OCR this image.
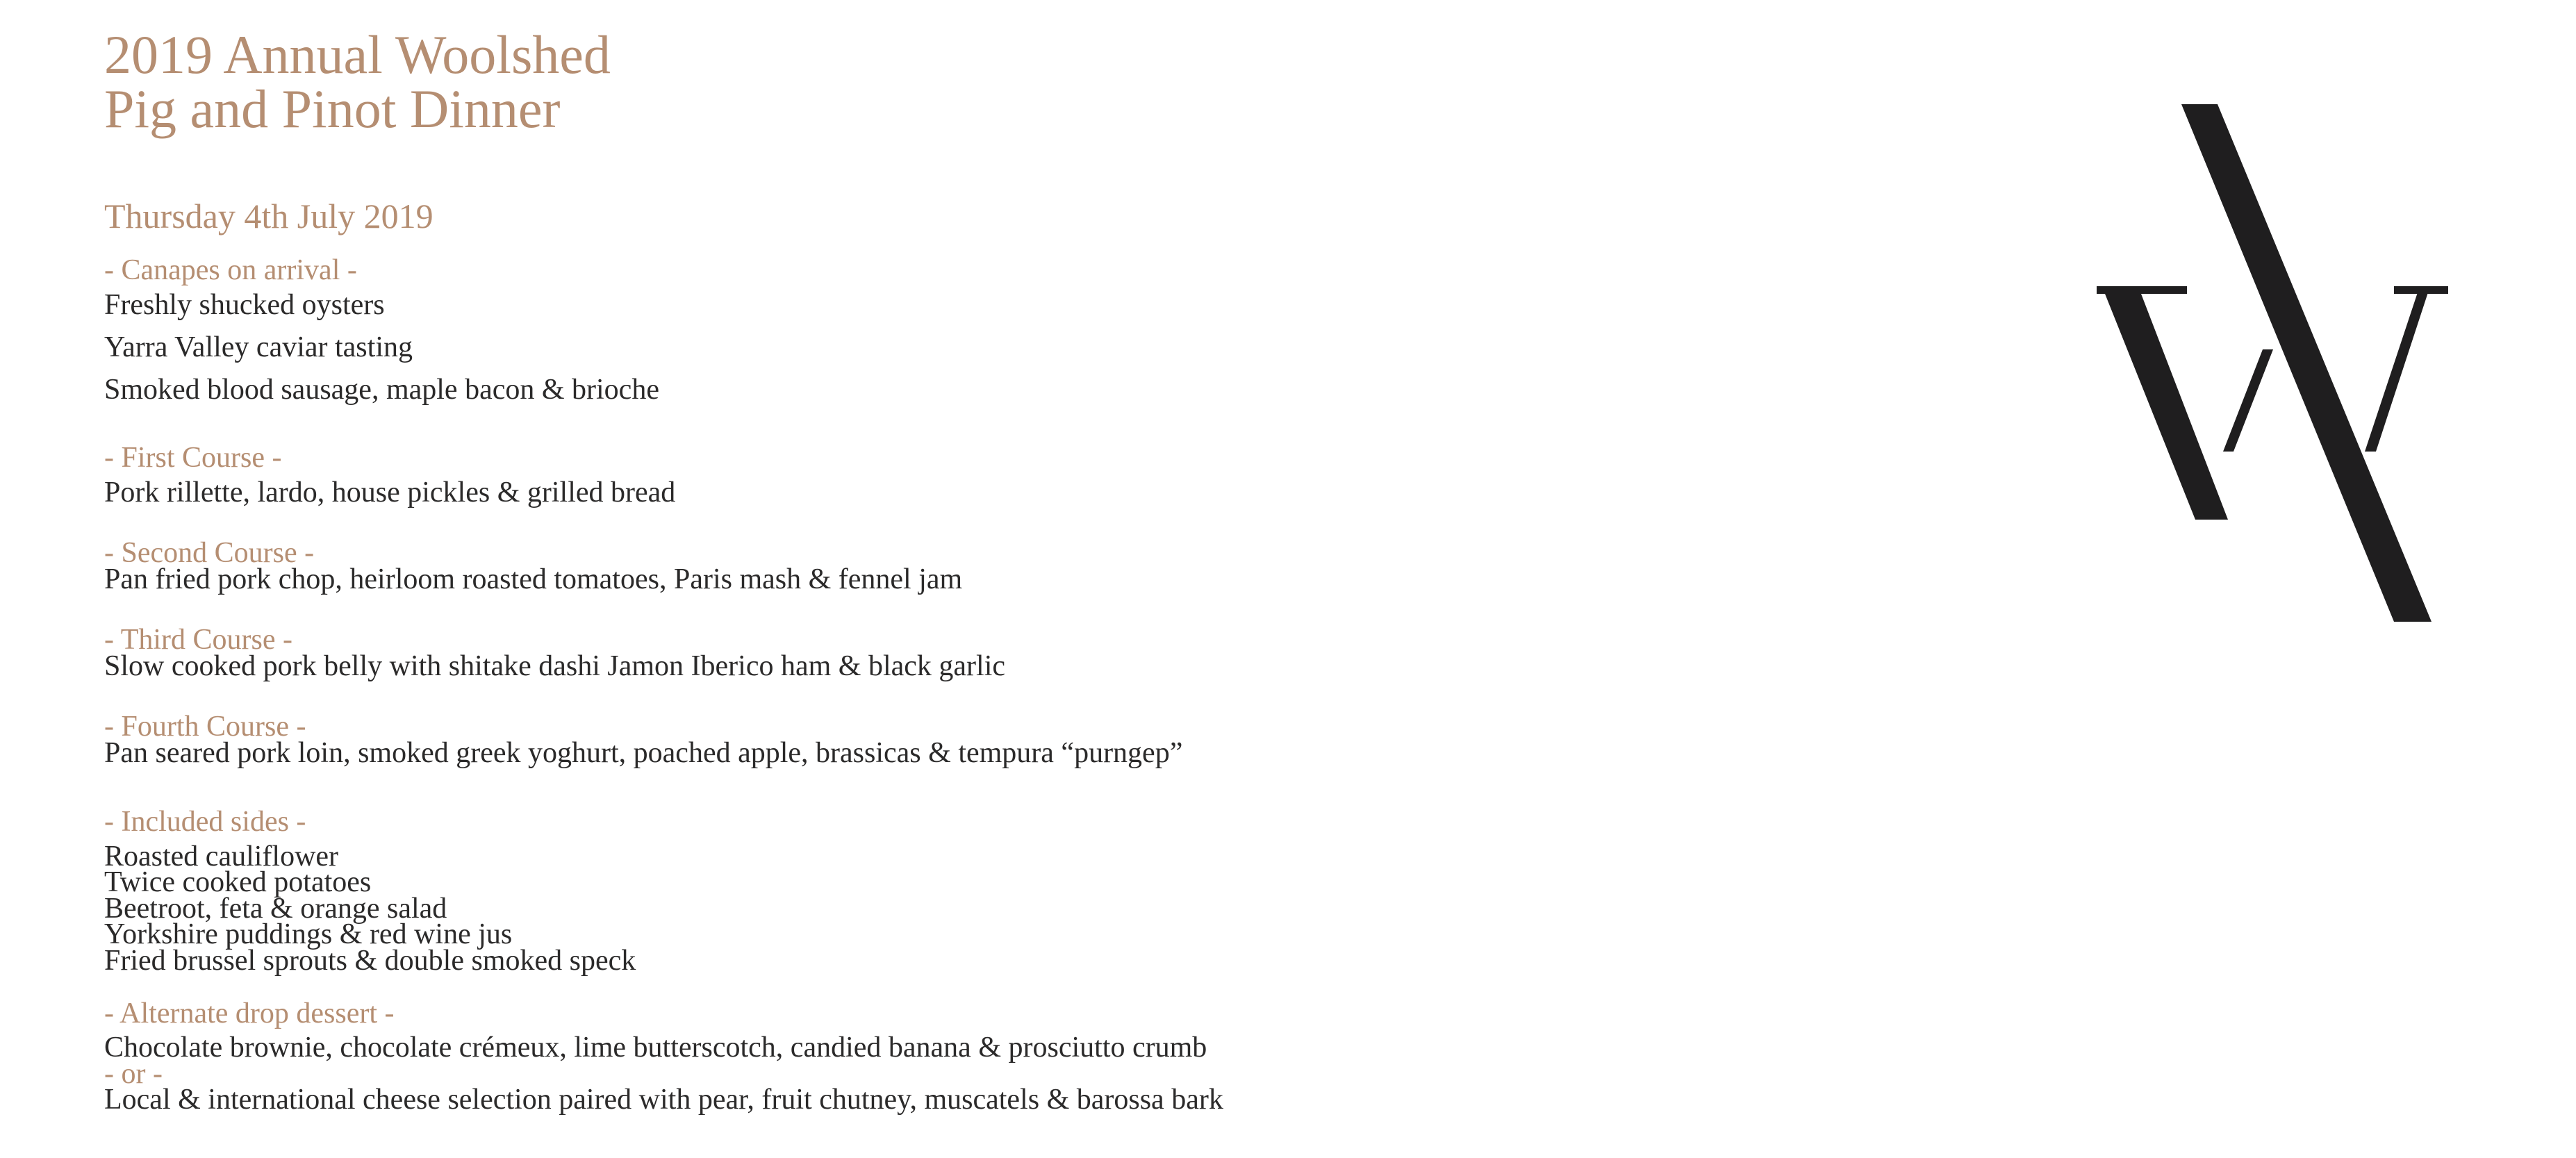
2019 Annual Woolshed
Pig and Pinot Dinner
Thursday 4th July 2019
- Canapes on arrival -
Freshly shucked oysters
Yarra Valley caviar tasting
Smoked blood sausage, maple bacon & brioche
- First Course -
Pork rillette, lardo, house pickles & grilled bread
- Second Course -
Pan fried pork chop, heirloom roasted tomatoes, Paris mash & fennel jam
- Third Course -
Slow cooked pork belly with shitake dashi Jamon Iberico ham & black garlic
- Fourth Course -
Pan seared pork loin, smoked greek yoghurt, poached apple, brassicas & tempura “purngep”
- Included sides -
Roasted cauliflower
Twice cooked potatoes
Beetroot, feta & orange salad
Yorkshire puddings & red wine jus
Fried brussel sprouts & double smoked speck
- Alternate drop dessert -
Chocolate brownie, chocolate crémeux, lime butterscotch, candied banana & prosciutto crumb
- or -
Local & international cheese selection paired with pear, fruit chutney, muscatels & barossa bark
